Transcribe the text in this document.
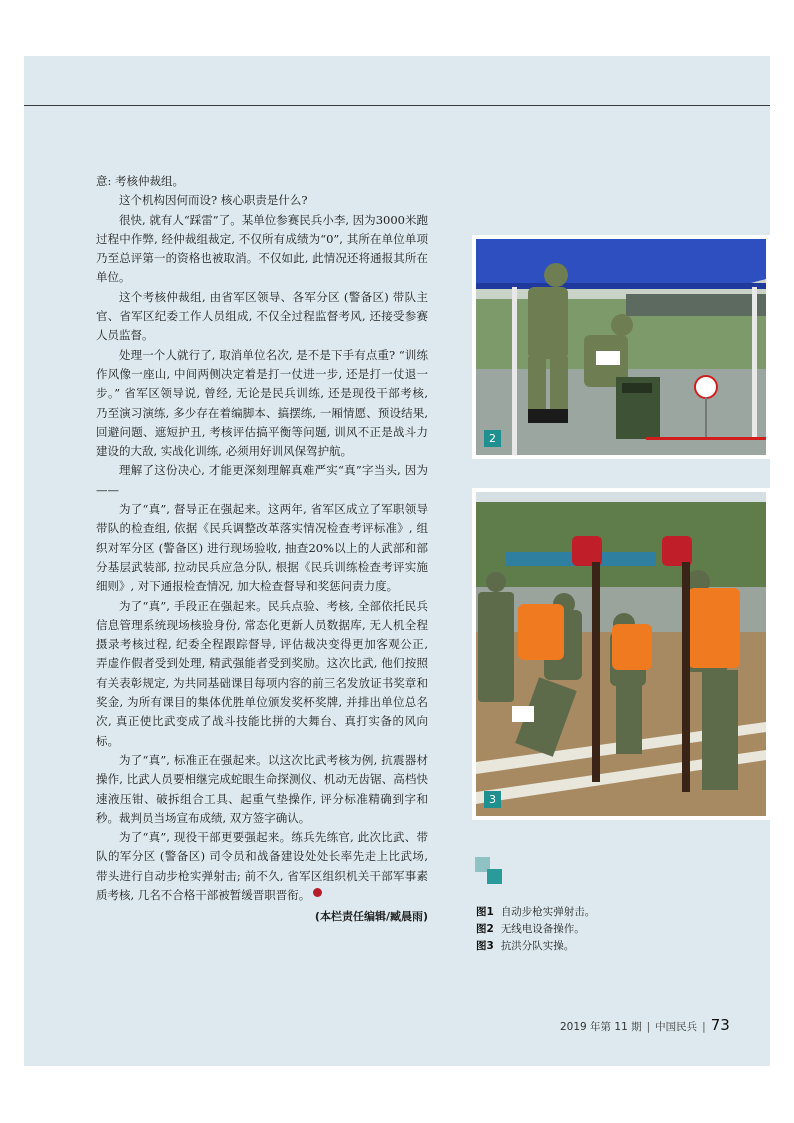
意: 考核仲裁组。

这个机构因何而设? 核心职责是什么?

很快, 就有人“踩雷”了。某单位参赛民兵小李, 因为3000米跑过程中作弊, 经仲裁组裁定, 不仅所有成绩为“0”, 其所在单位单项乃至总评第一的资格也被取消。不仅如此, 此情况还将通报其所在单位。

这个考核仲裁组, 由省军区领导、各军分区 (警备区) 带队主官、省军区纪委工作人员组成, 不仅全过程监督考风, 还接受参赛人员监督。

处理一个人就行了, 取消单位名次, 是不是下手有点重? “训练作风像一座山, 中间两侧决定着是打一仗进一步, 还是打一仗退一步。” 省军区领导说, 曾经, 无论是民兵训练, 还是现役干部考核, 乃至演习演练, 多少存在着编脚本、搞摆练, 一厢情愿、预设结果, 回避问题、遮短护丑, 考核评估搞平衡等问题, 训风不正是战斗力建设的大敌, 实战化训练, 必须用好训风保驾护航。

理解了这份决心, 才能更深刻理解真难严实“真”字当头, 因为——

为了“真”, 督导正在强起来。这两年, 省军区成立了军职领导带队的检查组, 依据《民兵调整改革落实情况检查考评标准》, 组织对军分区 (警备区) 进行现场验收, 抽查20%以上的人武部和部分基层武装部, 拉动民兵应急分队, 根据《民兵训练检查考评实施细则》, 对下通报检查情况, 加大检查督导和奖惩问责力度。

为了“真”, 手段正在强起来。民兵点验、考核, 全部依托民兵信息管理系统现场核验身份, 常态化更新人员数据库, 无人机全程摄录考核过程, 纪委全程跟踪督导, 评估裁决变得更加客观公正, 弄虚作假者受到处理, 精武强能者受到奖励。这次比武, 他们按照有关表彰规定, 为共同基础课目每项内容的前三名发放证书奖章和奖金, 为所有课目的集体优胜单位颁发奖杯奖牌, 并排出单位总名次, 真正使比武变成了战斗技能比拼的大舞台、真打实备的风向标。

为了“真”, 标准正在强起来。以这次比武考核为例, 抗震器材操作, 比武人员要相继完成蛇眼生命探测仪、机动无齿锯、高档快速液压钳、破拆组合工具、起重气垫操作, 评分标准精确到字和秒。裁判员当场宣布成绩, 双方签字确认。

为了“真”, 现役干部更要强起来。练兵先练官, 此次比武、带队的军分区 (警备区) 司令员和战备建设处处长率先走上比武场, 带头进行自动步枪实弹射击; 前不久, 省军区组织机关干部军事素质考核, 几名不合格干部被暂缓晋职晋衔。

(本栏责任编辑/臧晨雨)
2
3
图1 自动步枪实弹射击。
图2 无线电设备操作。
图3 抗洪分队实操。
2019 年第 11 期 | 中国民兵 | 73
